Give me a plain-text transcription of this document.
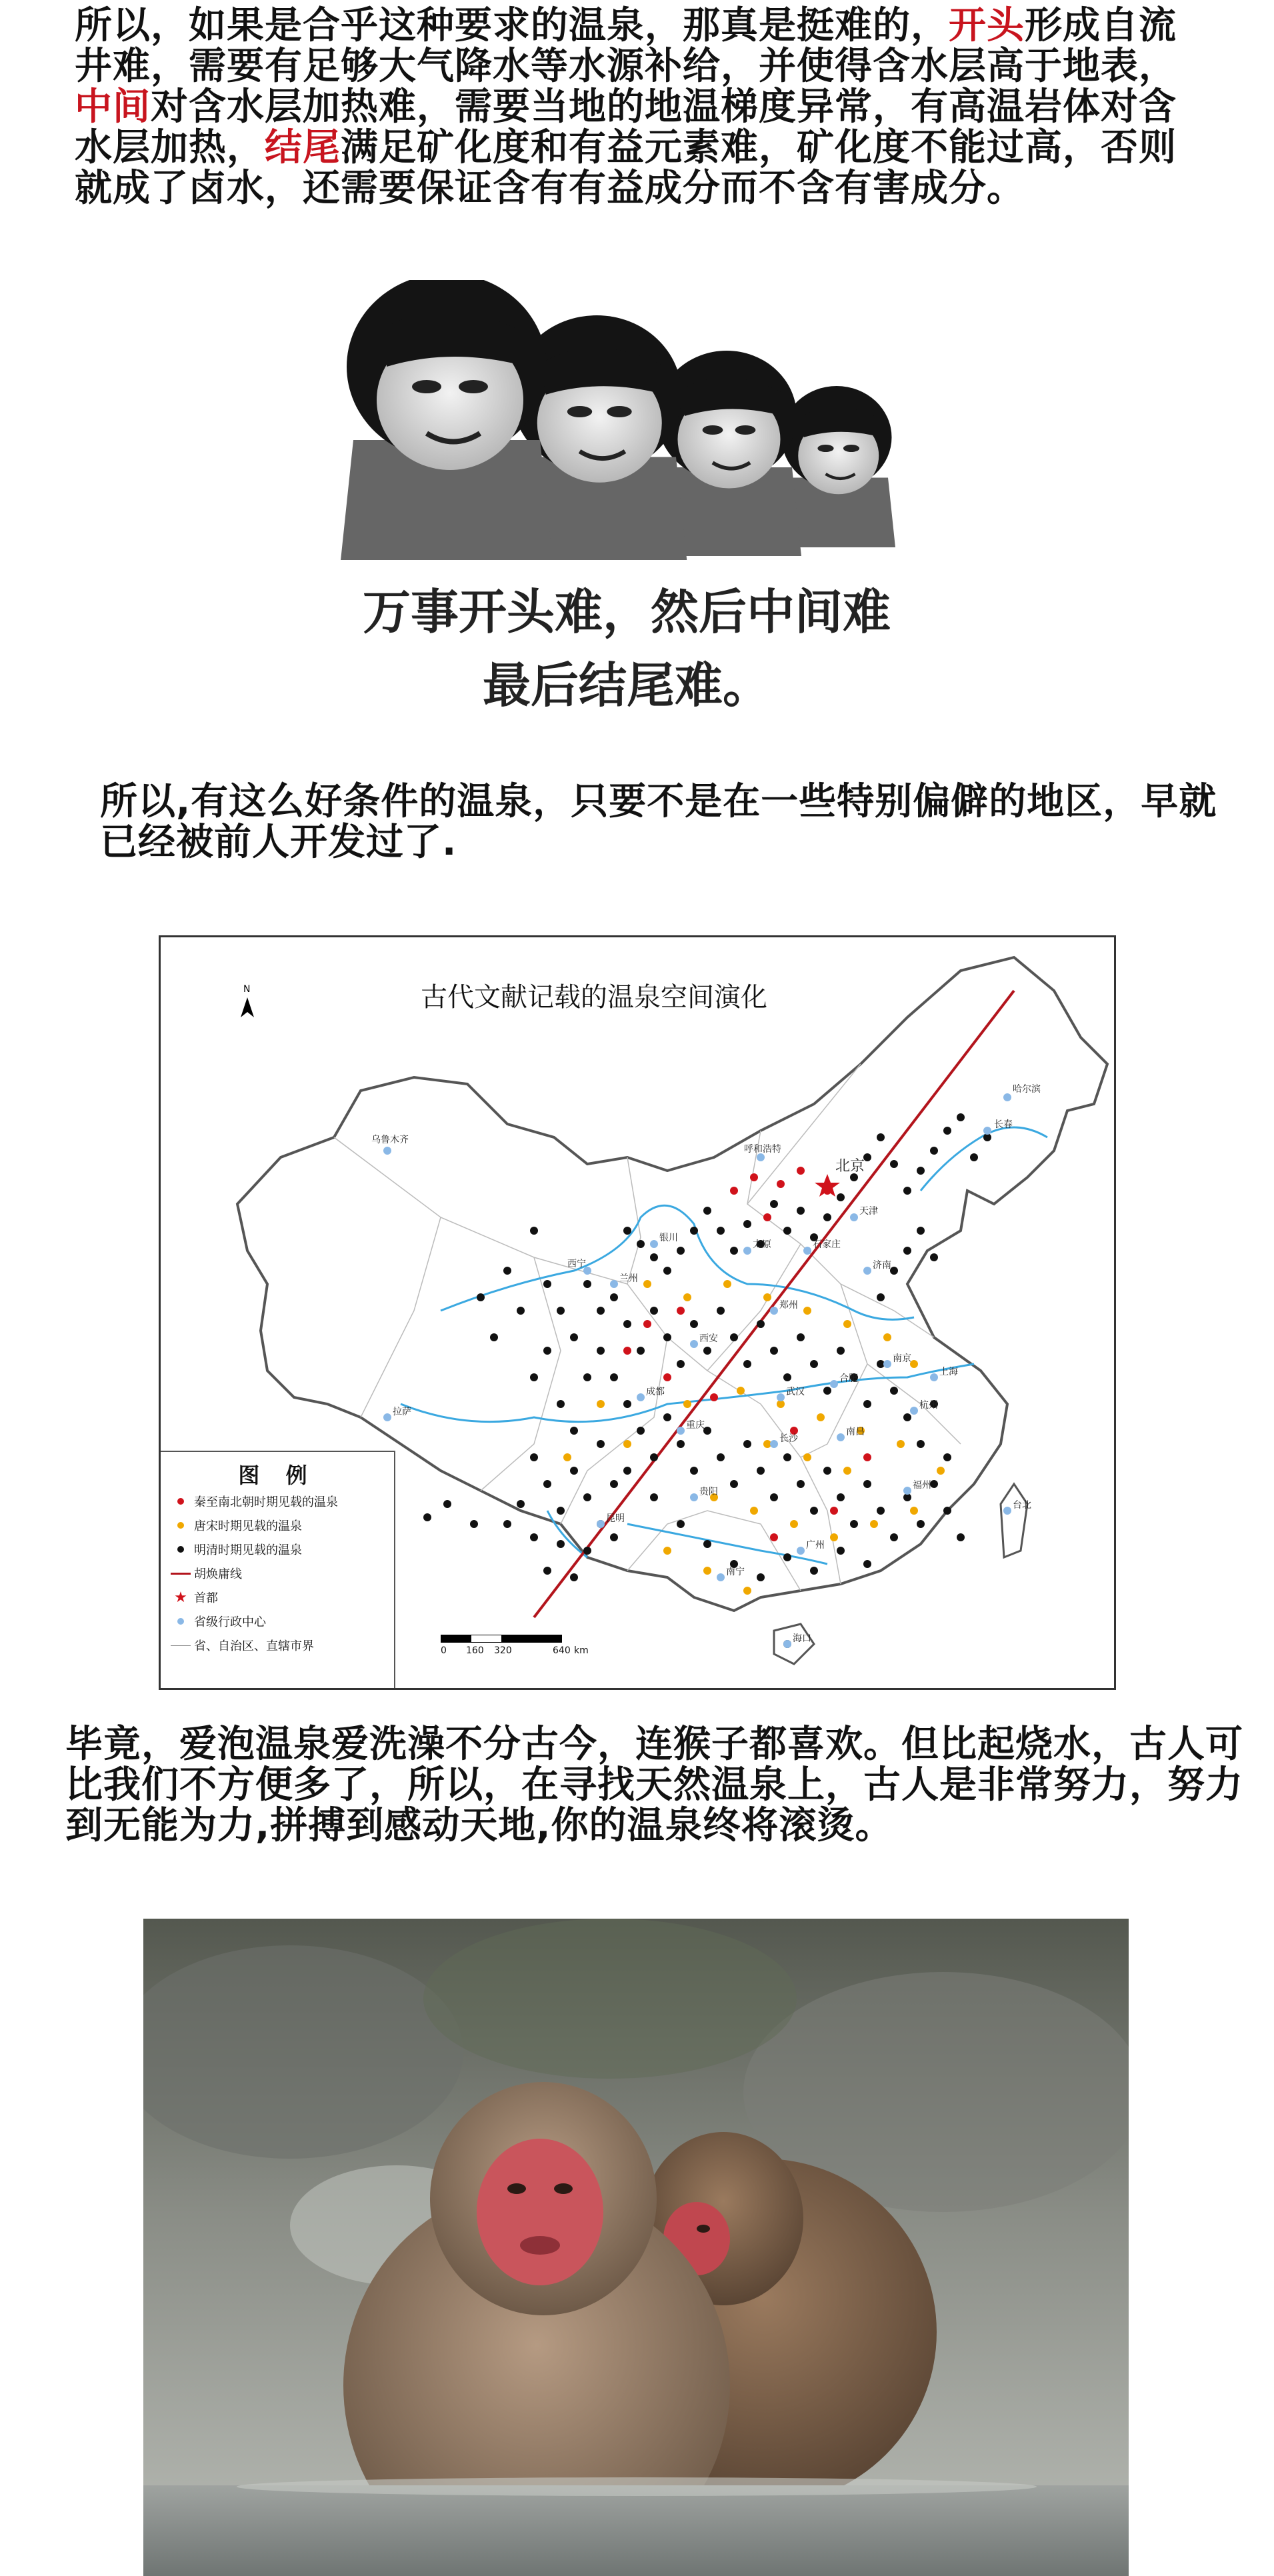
所以，如果是合乎这种要求的温泉，那真是挺难的，开头形成自流井难，需要有足够大气降水等水源补给，并使得含水层高于地表，中间对含水层加热难，需要当地的地温梯度异常，有高温岩体对含水层加热，结尾满足矿化度和有益元素难，矿化度不能过高，否则就成了卤水，还需要保证含有有益成分而不含有害成分。

万事开头难，然后中间难
最后结尾难。

所以,有这么好条件的温泉，只要不是在一些特别偏僻的地区，早就已经被前人开发过了.

N
哈尔滨
长春
乌鲁木齐
呼和浩特
天津
银川
太原	石家庄
济南
西宁
兰州
郑州
南京
上海
西安
合肥
武汉
杭州
拉萨
成都
重庆
长沙
南昌
福州
台北
贵阳
昆明
广州
南宁
海口
北京
古代文献记载的温泉空间演化
图 例
秦至南北朝时期见载的温泉
唐宋时期见载的温泉
明清时期见载的温泉
胡焕庸线
★ 首都
省级行政中心
省、自治区、直辖市界	0 160 320	640 km

毕竟，爱泡温泉爱洗澡不分古今，连猴子都喜欢。但比起烧水，古人可比我们不方便多了，所以，在寻找天然温泉上，古人是非常努力，努力到无能为力,拼搏到感动天地,你的温泉终将滚烫。
